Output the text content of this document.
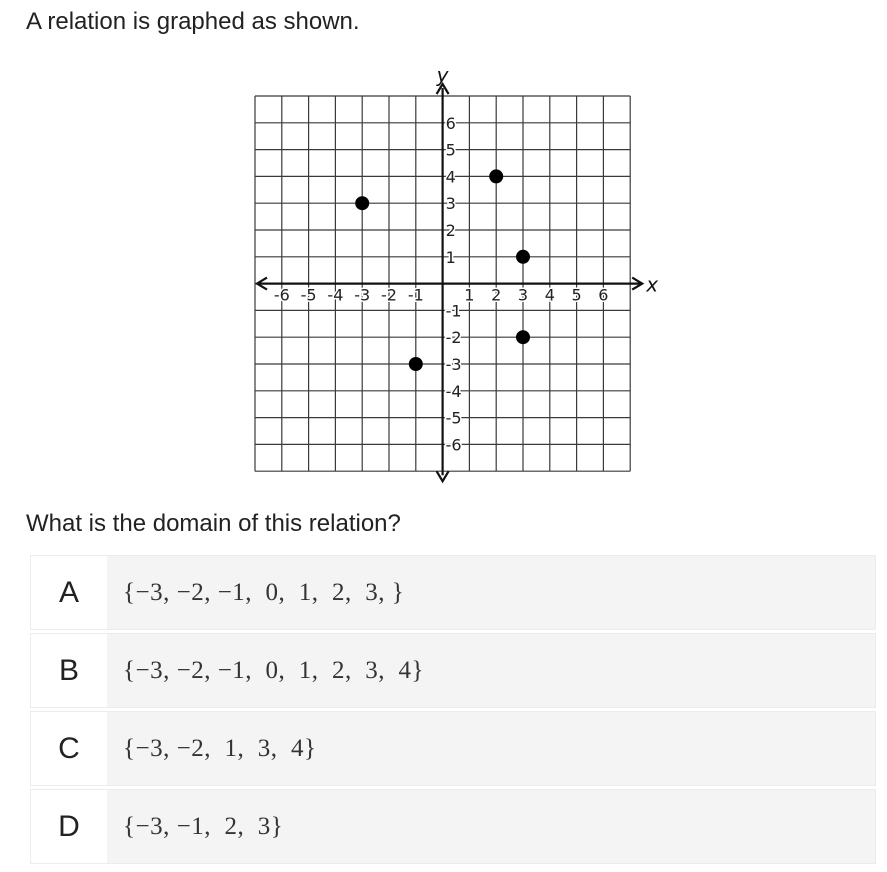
A relation is graphed as shown.
x
y
-6 -5 -4 -3 -2 -1	1 2 3 4 5 6
6
5
4
3
2
1
-1
-2
-3
-4
-5
-6
What is the domain of this relation?
A	{−3, −2, −1,  0,  1,  2,  3, }
B	{−3, −2, −1,  0,  1,  2,  3,  4}
C	{−3, −2,  1,  3,  4}
D	{−3, −1,  2,  3}
